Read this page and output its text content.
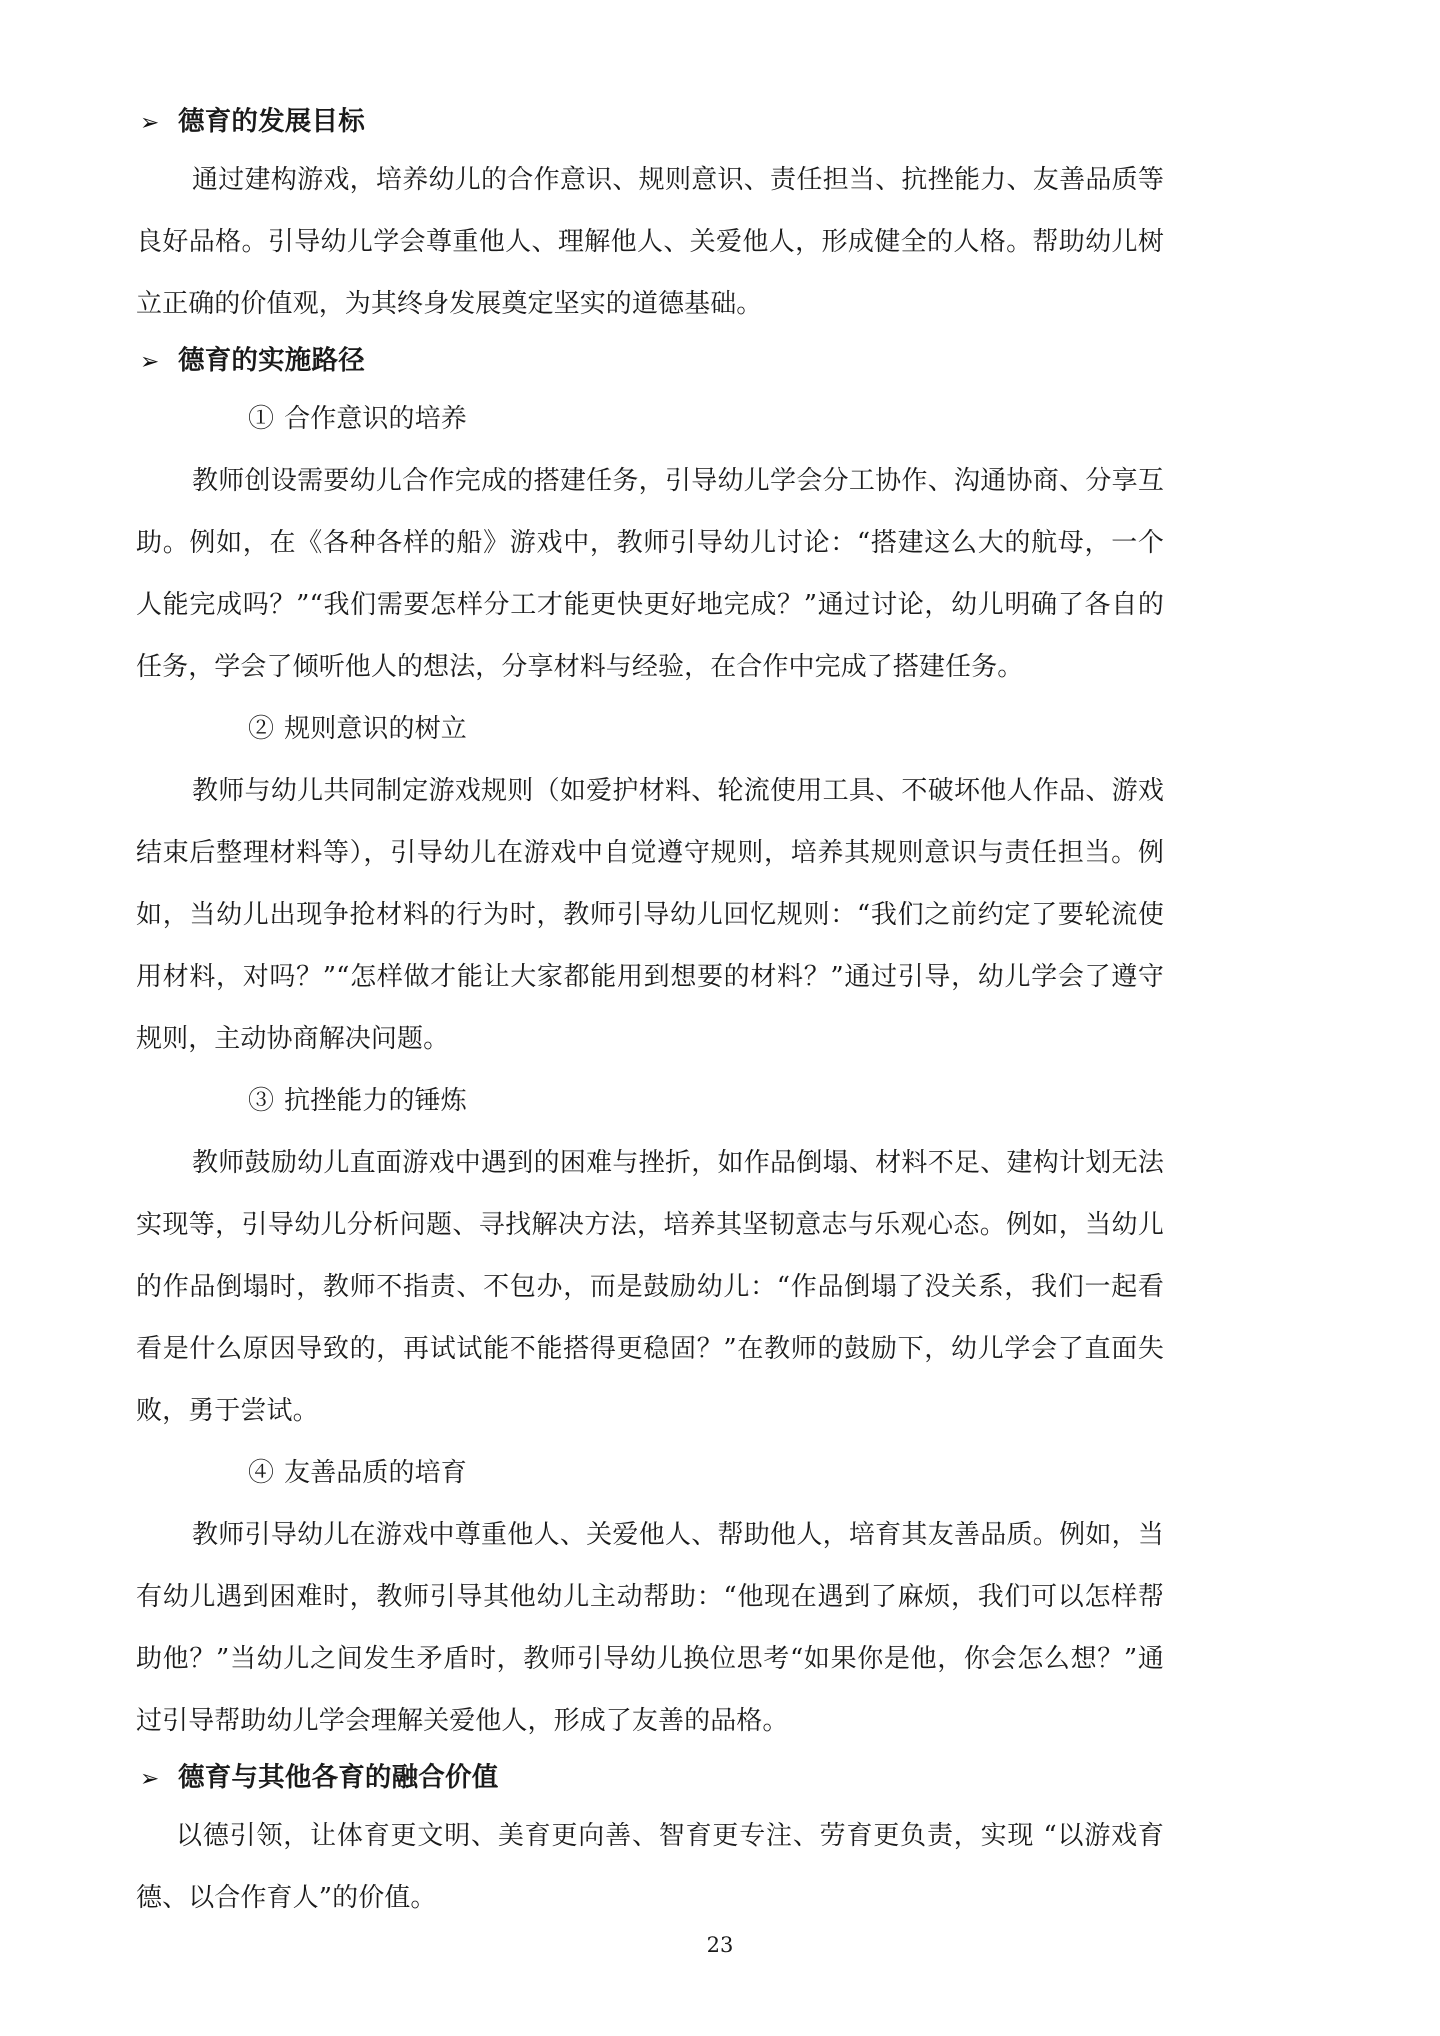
➢ 德育的发展目标

通过建构游戏，培养幼儿的合作意识、规则意识、责任担当、抗挫能力、友善品质等良好品格。引导幼儿学会尊重他人、理解他人、关爱他人，形成健全的人格。帮助幼儿树立正确的价值观，为其终身发展奠定坚实的道德基础。

➢ 德育的实施路径
① 合作意识的培养

教师创设需要幼儿合作完成的搭建任务，引导幼儿学会分工协作、沟通协商、分享互助。例如，在《各种各样的船》游戏中，教师引导幼儿讨论：“搭建这么大的航母，一个人能完成吗？”“我们需要怎样分工才能更快更好地完成？”通过讨论，幼儿明确了各自的任务，学会了倾听他人的想法，分享材料与经验，在合作中完成了搭建任务。

② 规则意识的树立

教师与幼儿共同制定游戏规则（如爱护材料、轮流使用工具、不破坏他人作品、游戏结束后整理材料等），引导幼儿在游戏中自觉遵守规则，培养其规则意识与责任担当。例如，当幼儿出现争抢材料的行为时，教师引导幼儿回忆规则：“我们之前约定了要轮流使用材料，对吗？”“怎样做才能让大家都能用到想要的材料？”通过引导，幼儿学会了遵守规则，主动协商解决问题。

③ 抗挫能力的锤炼

教师鼓励幼儿直面游戏中遇到的困难与挫折，如作品倒塌、材料不足、建构计划无法实现等，引导幼儿分析问题、寻找解决方法，培养其坚韧意志与乐观心态。例如，当幼儿的作品倒塌时，教师不指责、不包办，而是鼓励幼儿：“作品倒塌了没关系，我们一起看看是什么原因导致的，再试试能不能搭得更稳固？”在教师的鼓励下，幼儿学会了直面失败，勇于尝试。

④ 友善品质的培育

教师引导幼儿在游戏中尊重他人、关爱他人、帮助他人，培育其友善品质。例如，当有幼儿遇到困难时，教师引导其他幼儿主动帮助：“他现在遇到了麻烦，我们可以怎样帮助他？”当幼儿之间发生矛盾时，教师引导幼儿换位思考“如果你是他，你会怎么想？”通过引导帮助幼儿学会理解关爱他人，形成了友善的品格。

➢ 德育与其他各育的融合价值

以德引领，让体育更文明、美育更向善、智育更专注、劳育更负责，实现 “以游戏育德、以合作育人”的价值。

23
